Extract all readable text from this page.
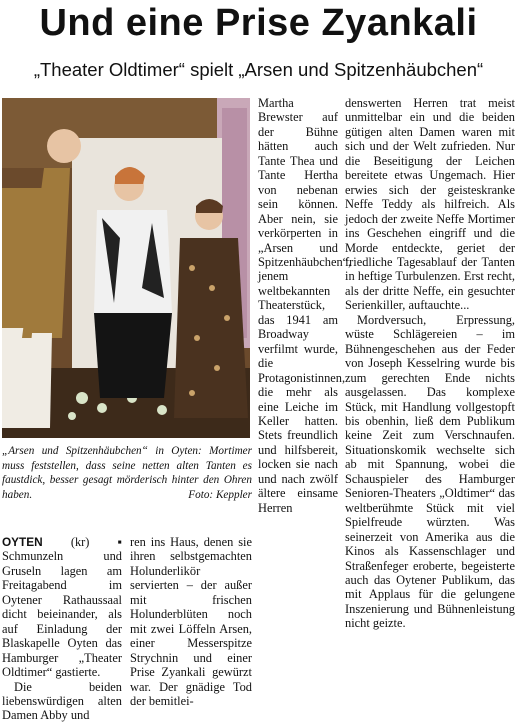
Und eine Prise Zyankali
„Theater Oldtimer“ spielt „Arsen und Spitzenhäubchen“
„Arsen und Spitzenhäubchen“ in Oyten: Mortimer muss feststellen, dass seine netten alten Tanten es faustdick, besser gesagt mörderisch hinter den Ohren haben.	Foto: Keppler

Martha Brewster auf der Bühne hätten auch Tante Thea und Tante Hertha von nebenan sein können. Aber nein, sie verkörperten in „Arsen und Spitzenhäubchen“, jenem weltbekannten Theaterstück, das 1941 am Broadway verfilmt wurde, die Protagonistinnen, die mehr als eine Leiche im Keller hatten. Stets freundlich und hilfsbereit, locken sie nach und nach zwölf ältere einsame Herren

OYTEN (kr) ▪ Schmunzeln und Gruseln lagen am Freitagabend im Oytener Rathaussaal dicht beieinander, als auf Einladung der Blaskapelle Oyten das Hamburger „Theater Oldtimer“ gastierte.

Die beiden liebenswürdigen alten Damen Abby und

ren ins Haus, denen sie ihren selbstgemachten Holunderlikör servierten – der außer mit frischen Holunderblüten noch mit zwei Löffeln Arsen, einer Messerspitze Strychnin und einer Prise Zyankali gewürzt war. Der gnädige Tod der bemitlei-

denswerten Herren trat meist unmittelbar ein und die beiden gütigen alten Damen waren mit sich und der Welt zufrieden. Nur die Beseitigung der Leichen bereitete etwas Ungemach. Hier erwies sich der geisteskranke Neffe Teddy als hilfreich. Als jedoch der zweite Neffe Mortimer ins Geschehen eingriff und die Morde entdeckte, geriet der friedliche Tagesablauf der Tanten in heftige Turbulenzen. Erst recht, als der dritte Neffe, ein gesuchter Serienkiller, auftauchte...

Mordversuch, Erpressung, wüste Schlägereien – im Bühnengeschehen aus der Feder von Joseph Kesselring wurde bis zum gerechten Ende nichts ausgelassen. Das komplexe Stück, mit Handlung vollgestopft bis obenhin, ließ dem Publikum keine Zeit zum Verschnaufen. Situationskomik wechselte sich ab mit Spannung, wobei die Schauspieler des Hamburger Senioren-Theaters „Oldtimer“ das weltberühmte Stück mit viel Spielfreude würzten. Was seinerzeit von Amerika aus die Kinos als Kassenschlager und Straßenfeger eroberte, begeisterte auch das Oytener Publikum, das mit Applaus für die gelungene Inszenierung und Bühnenleistung nicht geizte.
